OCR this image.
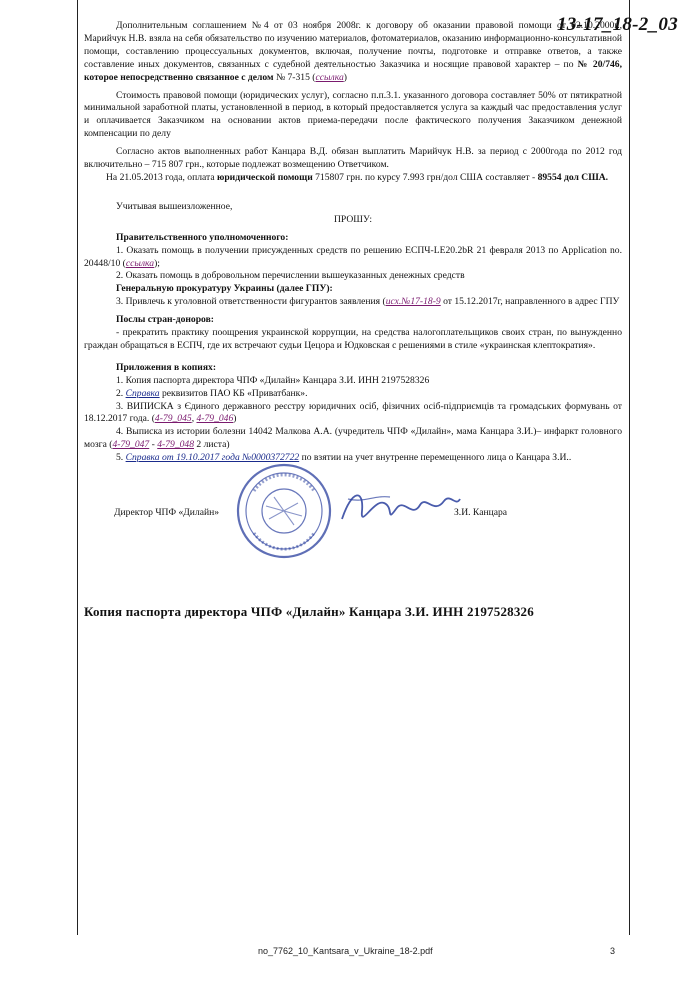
13-17_18-2_03

Дополнительным соглашением №4 от 03 ноября 2008г. к договору об оказании правовой помощи от 02.10.2000г., Марийчук Н.В. взяла на себя обязательство по изучению материалов, фотоматериалов, оказанию информационно-консультативной помощи, составлению процессуальных документов, включая, получение почты, подготовке и отправке ответов, а также составление иных документов, связанных с судебной деятельностью Заказчика и носящие правовой характер – по № 20/746, которое непосредственно связанное с делом № 7-315 (ссылка)

Стоимость правовой помощи (юридических услуг), согласно п.п.3.1. указанного договора составляет 50% от пятикратной минимальной заработной платы, установленной в период, в который предоставляется услуга за каждый час предоставления услуг и оплачивается Заказчиком на основании актов приема-передачи после фактического получения Заказчиком денежной компенсации по делу

Согласно актов выполненных работ Канцара В.Д. обязан выплатить Марийчук Н.В. за период с 2000года по 2012 год включительно – 715 807 грн., которые подлежат возмещению Ответчиком.

На 21.05.2013 года, оплата юридической помощи 715807 грн. по курсу 7.993 грн/дол США составляет - 89554 дол США.

Учитывая вышеизложенное,

ПРОШУ:

Правительственного уполномоченного:

1. Оказать помощь в получении присужденных средств по решению ЕСПЧ-LE20.2bR 21 февраля 2013 по Application no. 20448/10 (ссылка);

2. Оказать помощь в добровольном перечислении вышеуказанных денежных средств

Генеральную прокуратуру Украины (далее ГПУ):

3. Привлечь к уголовной ответственности фигурантов заявления (исх.№17-18-9 от 15.12.2017г, направленного в адрес ГПУ

Послы стран-доноров:

- прекратить практику поощрения украинской коррупции, на средства налогоплательщиков своих стран, по вынужденно граждан обращаться в ЕСПЧ, где их встречают судьи Цецора и Юдковская с решениями в стиле «украинская клептократия».

Приложения в копиях:

1. Копия паспорта директора ЧПФ «Дилайн» Канцара З.И. ИНН 2197528326

2. Справка реквизитов ПАО КБ «Приватбанк».

3. ВИПИСКА з Єдиного державного реєстру юридичних осіб, фізичних осіб-підприємців та громадських формувань от 18.12.2017 года. (4-79_045, 4-79_046)

4. Выписка из истории болезни 14042 Малкова А.А. (учредитель ЧПФ «Дилайн», мама Канцара З.И.)– инфаркт головного мозга (4-79_047 - 4-79_048 2 листа)

5. Справка от 19.10.2017 года №0000372722 по взятии на учет внутренне перемещенного лица о Канцара З.И..

Директор ЧПФ «Дилайн»	З.И. Канцара
Копия паспорта директора ЧПФ «Дилайн» Канцара З.И. ИНН 2197528326
no_7762_10_Kantsara_v_Ukraine_18-2.pdf	3
